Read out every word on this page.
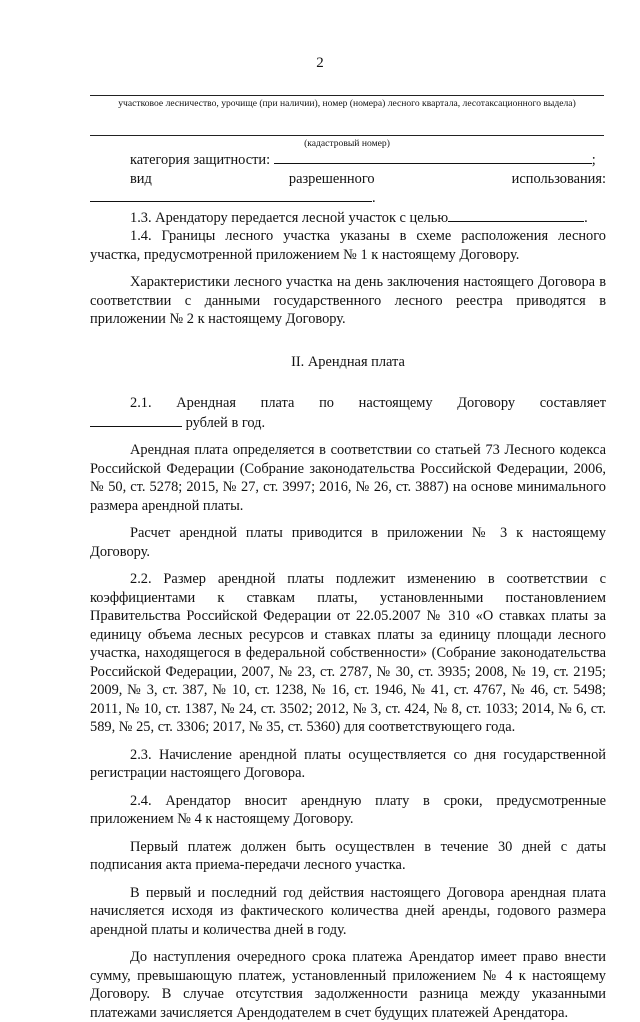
2
участковое лесничество, урочище (при наличии), номер (номера) лесного квартала, лесотаксационного выдела)
(кадастровый номер)

категория защитности:	;

вид разрешенного использования: .

1.3. Арендатору передается лесной участок с целью	.

1.4. Границы лесного участка указаны в схеме расположения лесного участка, предусмотренной приложением № 1 к настоящему Договору.

Характеристики лесного участка на день заключения настоящего Договора в соответствии с данными государственного лесного реестра приводятся в приложении № 2 к настоящему Договору.

II. Арендная плата

2.1. Арендная плата по настоящему Договору составляет

рублей в год.

Арендная плата определяется в соответствии со статьей 73 Лесного кодекса Российской Федерации (Собрание законодательства Российской Федерации, 2006, № 50, ст. 5278; 2015, № 27, ст. 3997; 2016, № 26, ст. 3887) на основе минимального размера арендной платы.

Расчет арендной платы приводится в приложении № 3 к настоящему Договору.

2.2. Размер арендной платы подлежит изменению в соответствии с коэффициентами к ставкам платы, установленными постановлением Правительства Российской Федерации от 22.05.2007 № 310 «О ставках платы за единицу объема лесных ресурсов и ставках платы за единицу площади лесного участка, находящегося в федеральной собственности» (Собрание законодательства Российской Федерации, 2007, № 23, ст. 2787, № 30, ст. 3935; 2008, № 19, ст. 2195; 2009, № 3, ст. 387, № 10, ст. 1238, № 16, ст. 1946, № 41, ст. 4767, № 46, ст. 5498; 2011, № 10, ст. 1387, № 24, ст. 3502; 2012, № 3, ст. 424, № 8, ст. 1033; 2014, № 6, ст. 589, № 25, ст. 3306; 2017, № 35, ст. 5360) для соответствующего года.

2.3. Начисление арендной платы осуществляется со дня государственной регистрации настоящего Договора.

2.4. Арендатор вносит арендную плату в сроки, предусмотренные приложением № 4 к настоящему Договору.

Первый платеж должен быть осуществлен в течение 30 дней с даты подписания акта приема-передачи лесного участка.

В первый и последний год действия настоящего Договора арендная плата начисляется исходя из фактического количества дней аренды, годового размера арендной платы и количества дней в году.

До наступления очередного срока платежа Арендатор имеет право внести сумму, превышающую платеж, установленный приложением № 4 к настоящему Договору. В случае отсутствия задолженности разница между указанными платежами зачисляется Арендодателем в счет будущих платежей Арендатора.
